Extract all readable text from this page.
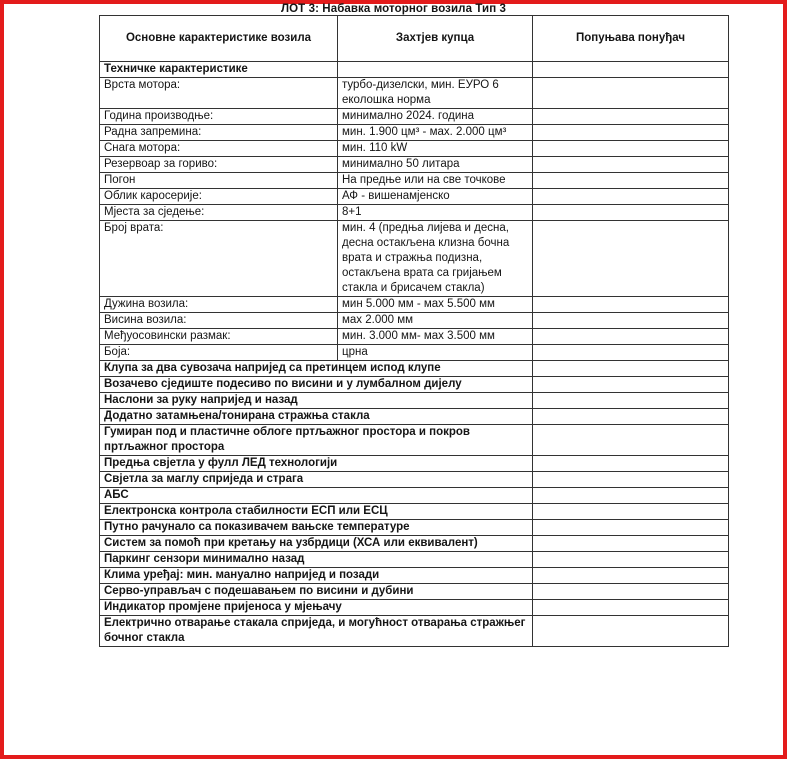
ЛОТ 3: Набавка моторног возила Тип 3
Основне карактеристике возила	Захтјев купца	Попуњава понуђач
Техничке карактеристике		
Врста мотора:	турбо-дизелски, мин. ЕУРО 6 еколошка норма	
Година производње:	минимално 2024. година	
Радна запремина:	мин. 1.900 цм³ - мах. 2.000 цм³	
Снага мотора:	мин. 110 kW	
Резервоар за гориво:	минимално 50 литара	
Погон	На предње или на све точкове	
Облик каросерије:	АФ - вишенамјенско	
Мјеста за сједење:	8+1	
Број врата:	мин. 4 (предња лијева и десна, десна остакљена клизна бочна врата и стражња подизна, остакљена врата са гријањем стакла и брисачем стакла)	
Дужина возила:	мин 5.000 мм - мах 5.500 мм	
Висина возила:	мах 2.000 мм	
Међуосовински размак:	мин. 3.000 мм- мах 3.500 мм	
Боја:	црна	
Клупа за два сувозача напријед са претинцем испод клупе		
Возачево сједиште подесиво по висини и у лумбалном дијелу		
Наслони за руку напријед и назад		
Додатно затамњена/тонирана стражња стакла		
Гумиран под и пластичне облоге пртљажног простора и покров пртљажног простора		
Предња свјетла у фулл ЛЕД технологији		
Свјетла за маглу сприједа и страга		
АБС		
Електронска контрола стабилности ЕСП или ЕСЦ		
Путно рачунало са показивачем вањске температуре		
Систем за помоћ при кретању на узбрдици (ХСА или еквивалент)		
Паркинг сензори минимално назад		
Клима уређај: мин. мануално напријед и позади		
Серво-управљач с подешавањем по висини и дубини		
Индикатор промјене пријеноса у мјењачу		
Електрично отварање стакала сприједа, и могућност отварања стражњег бочног стакла		
